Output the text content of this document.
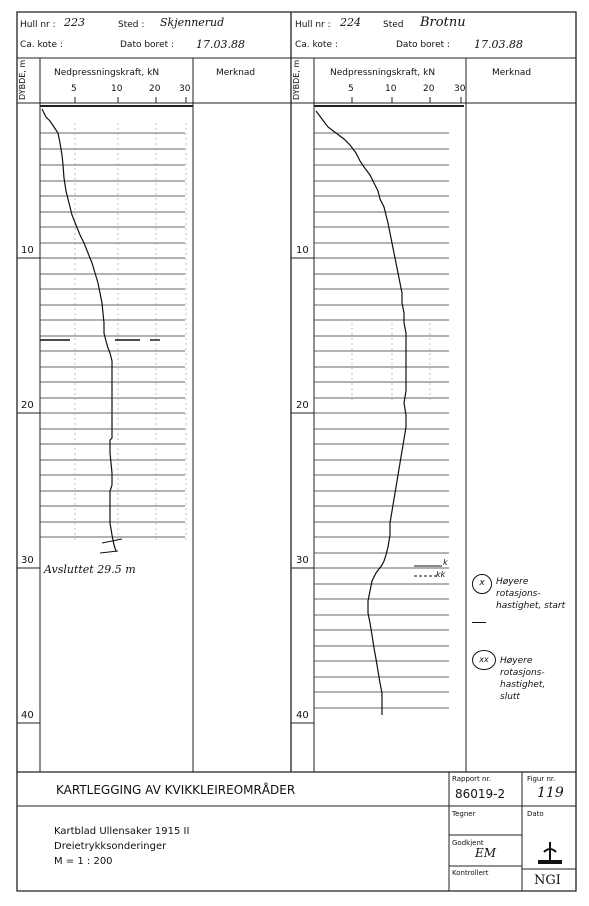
Hull nr : 223	Sted : Skjennerud
Ca. kote :	Dato boret : 17.03.88
DYBDE, m	Nedpressningskraft, kN	Merknad
5	10	20 30
10
20
30
40
Avsluttet 29.5 m
Hull nr : 224 Sted Brotnu
Ca. kote :	Dato boret : 17.03.88
DYBDE, m	Nedpressningskraft, kN	Merknad
5	10	20 30
10
20
30
40
k
kk
x	Høyere rotasjons-hastighet, start
xx	Høyere rotasjons-hastighet, slutt
KARTLEGGING AV KVIKKLEIREOMRÅDER
Kartblad Ullensaker 1915 II
Dreietrykksonderinger
M = 1 : 200
Rapport nr.
86019-2
Figur nr.
119
Tegner	Dato
Godkjent
EM
Kontrollert	NGI
